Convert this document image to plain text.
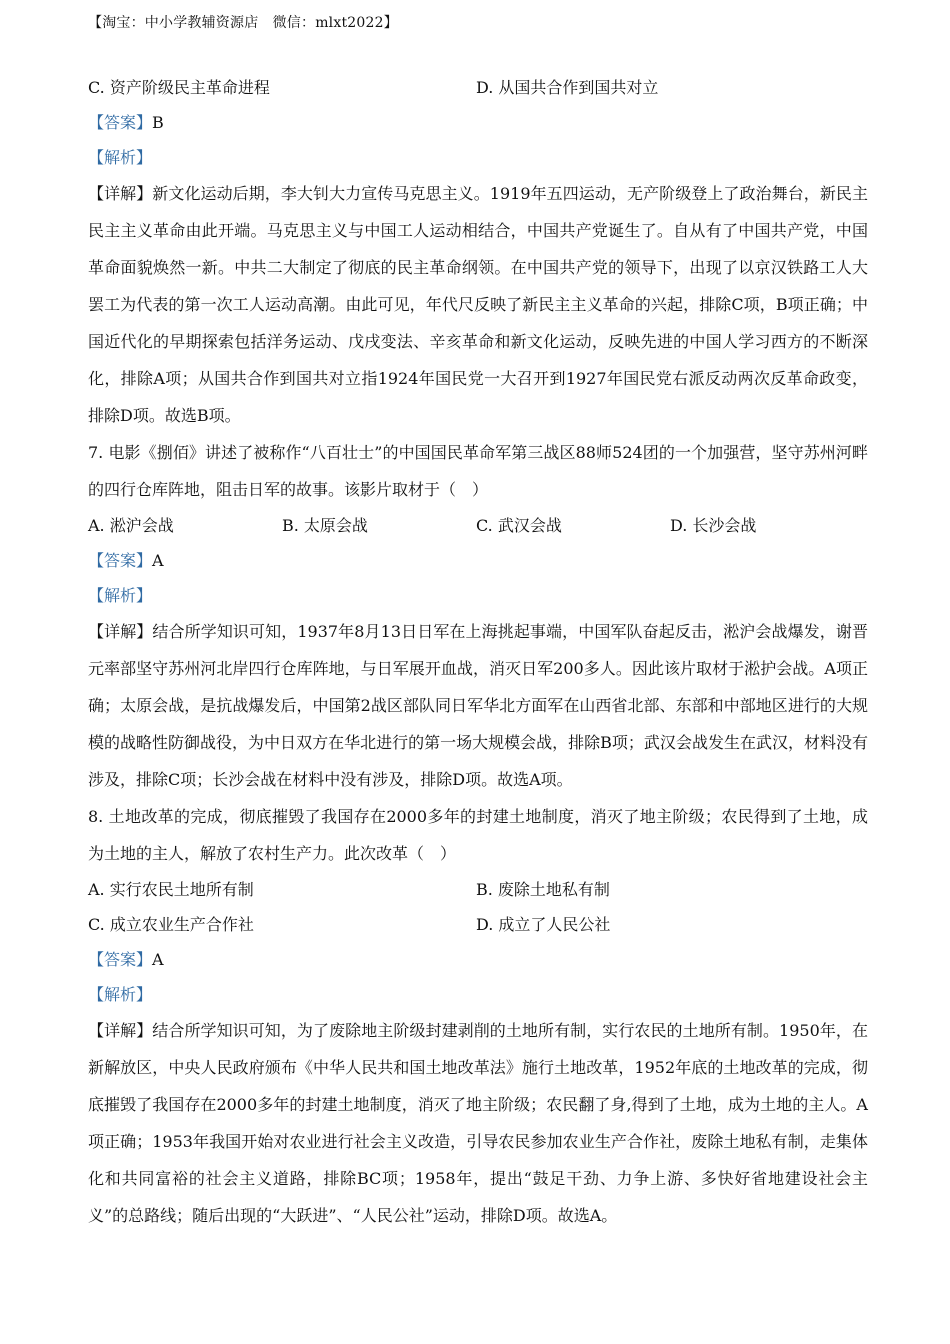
【淘宝：中小学教辅资源店　微信：mlxt2022】
C. 资产阶级民主革命进程	D. 从国共合作到国共对立
【答案】B
【解析】
【详解】新文化运动后期，李大钊大力宣传马克思主义。1919年五四运动，无产阶级登上了政治舞台，新民主民主主义革命由此开端。马克思主义与中国工人运动相结合，中国共产党诞生了。自从有了中国共产党，中国革命面貌焕然一新。中共二大制定了彻底的民主革命纲领。在中国共产党的领导下，出现了以京汉铁路工人大罢工为代表的第一次工人运动高潮。由此可见，年代尺反映了新民主主义革命的兴起，排除C项，B项正确；中国近代化的早期探索包括洋务运动、戊戌变法、辛亥革命和新文化运动，反映先进的中国人学习西方的不断深化，排除A项；从国共合作到国共对立指1924年国民党一大召开到1927年国民党右派反动两次反革命政变，排除D项。故选B项。
7. 电影《捌佰》讲述了被称作“八百壮士”的中国国民革命军第三战区88师524团的一个加强营，坚守苏州河畔的四行仓库阵地，阻击日军的故事。该影片取材于（　）
A. 淞沪会战	B. 太原会战	C. 武汉会战	D. 长沙会战
【答案】A
【解析】
【详解】结合所学知识可知，1937年8月13日日军在上海挑起事端，中国军队奋起反击，淞沪会战爆发，谢晋元率部坚守苏州河北岸四行仓库阵地，与日军展开血战，消灭日军200多人。因此该片取材于淞护会战。A项正确；太原会战，是抗战爆发后，中国第2战区部队同日军华北方面军在山西省北部、东部和中部地区进行的大规模的战略性防御战役，为中日双方在华北进行的第一场大规模会战，排除B项；武汉会战发生在武汉，材料没有涉及，排除C项；长沙会战在材料中没有涉及，排除D项。故选A项。
8. 土地改革的完成，彻底摧毁了我国存在2000多年的封建土地制度，消灭了地主阶级；农民得到了土地，成为土地的主人，解放了农村生产力。此次改革（　）
A. 实行农民土地所有制	B. 废除土地私有制
C. 成立农业生产合作社	D. 成立了人民公社
【答案】A
【解析】
【详解】结合所学知识可知，为了废除地主阶级封建剥削的土地所有制，实行农民的土地所有制。1950年，在新解放区，中央人民政府颁布《中华人民共和国土地改革法》施行土地改革，1952年底的土地改革的完成，彻底摧毁了我国存在2000多年的封建土地制度，消灭了地主阶级；农民翻了身,得到了土地，成为土地的主人。A项正确；1953年我国开始对农业进行社会主义改造，引导农民参加农业生产合作社，废除土地私有制，走集体化和共同富裕的社会主义道路，排除BC项；1958年，提出“鼓足干劲、力争上游、多快好省地建设社会主义”的总路线；随后出现的“大跃进”、“人民公社”运动，排除D项。故选A。
